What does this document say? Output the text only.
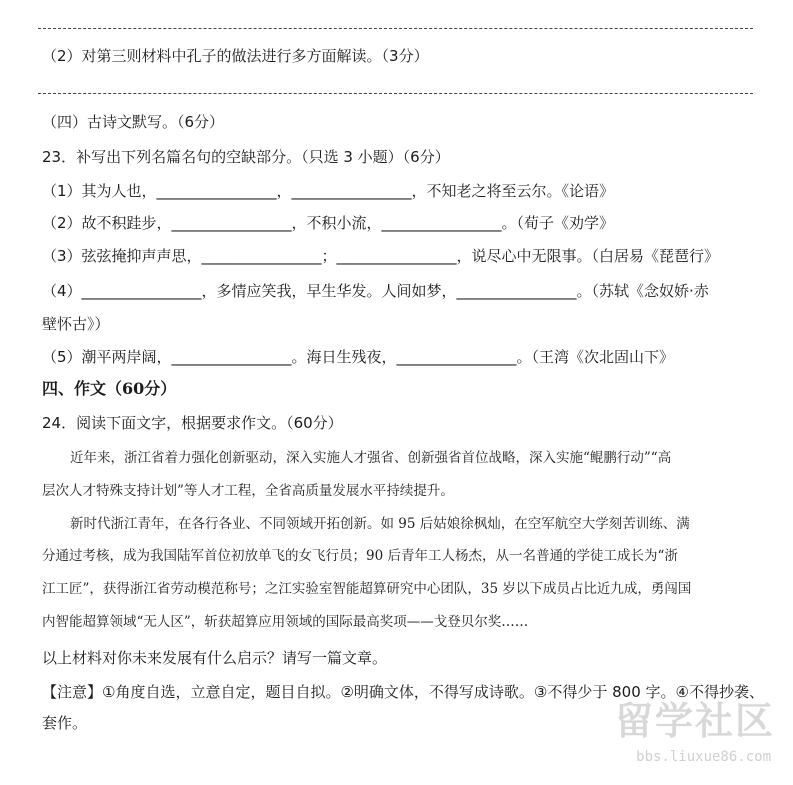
（2）对第三则材料中孔子的做法进行多方面解读。（3分）
（四）古诗文默写。（6分）
23．补写出下列名篇名句的空缺部分。（只选 3 小题）（6分）
（1）其为人也，________________，________________，不知老之将至云尔。《论语》
（2）故不积跬步，________________，不积小流，________________。（荀子《劝学》
（3）弦弦掩抑声声思，________________；________________，说尽心中无限事。（白居易《琵琶行》
（4）________________，多情应笑我，早生华发。人间如梦，________________。（苏轼《念奴娇·赤
壁怀古》）
（5）潮平两岸阔，________________。海日生残夜，________________。（王湾《次北固山下》
四、作文（60分）
24．阅读下面文字，根据要求作文。（60分）
近年来，浙江省着力强化创新驱动，深入实施人才强省、创新强省首位战略，深入实施“鲲鹏行动”“高
层次人才特殊支持计划”等人才工程，全省高质量发展水平持续提升。
新时代浙江青年，在各行各业、不同领域开拓创新。如 95 后姑娘徐枫灿，在空军航空大学刻苦训练、满
分通过考核，成为我国陆军首位初放单飞的女飞行员；90 后青年工人杨杰，从一名普通的学徒工成长为“浙
江工匠”，获得浙江省劳动模范称号；之江实验室智能超算研究中心团队，35 岁以下成员占比近九成，勇闯国
内智能超算领域“无人区”，斩获超算应用领域的国际最高奖项——戈登贝尔奖……
以上材料对你未来发展有什么启示？请写一篇文章。
【注意】①角度自选，立意自定，题目自拟。②明确文体，不得写成诗歌。③不得少于 800 字。④不得抄袭、
套作。	留学社区
bbs.liuxue86.com
